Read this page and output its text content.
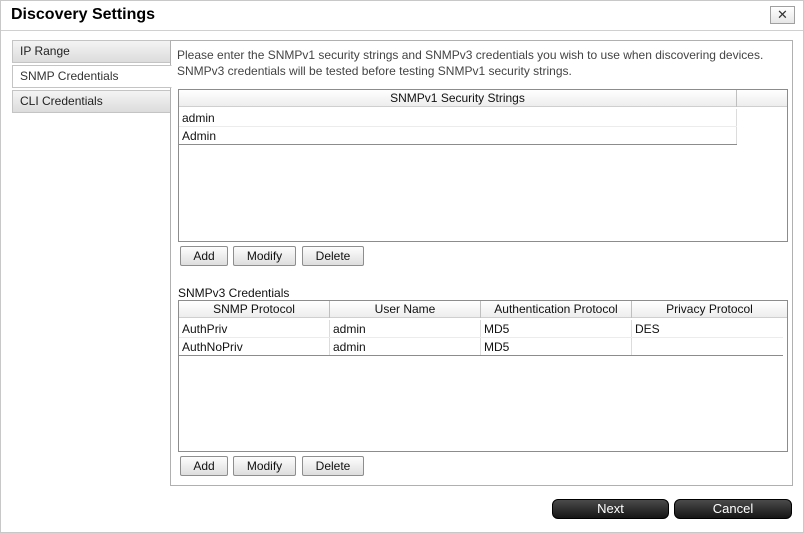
Discovery Settings	✕
IP Range
SNMP Credentials
CLI Credentials
Please enter the SNMPv1 security strings and SNMPv3 credentials you wish to use when discovering devices. SNMPv3 credentials will be tested before testing SNMPv1 security strings.
SNMPv1 Security Strings
admin
Admin
Add	Modify	Delete
SNMPv3 Credentials
SNMP Protocol	User Name	Authentication Protocol	Privacy Protocol
AuthPriv	admin	MD5	DES
AuthNoPriv	admin	MD5
Add	Modify	Delete
Next	Cancel
